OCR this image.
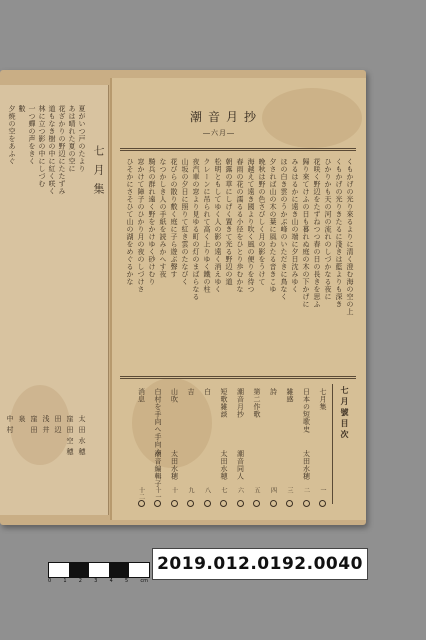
七月集
夏がいつ戸のたより
あは晴れた夏の空に
花ざかりの野辺にたたずみ
道もなき樹の中に紅く咲く
林に立つ影の中にしづむ
一つ蟬の声をきく
數
夕焼の空をあふぐ
太田水穂
窪田空穂
田辺
浅井
窪田
泉
中村
潮音月抄
―六月―
くもかげの光り來るよりに清く澄む海の空の上
くもかげの光りきたるに淺きは藍よりも深き
ひかりかも天の河の流れのしづかなる夜に
花咲く野辺をたずねつつ春の日の長きを思ふ
歸り來てけふの日も暮れぬ庭の木の下かげに
みるはるかに遠き山の端に夕日沈みゆく
ほの白き雲のうかぶ峰のいただきに鳥なく
夕されば山の木の葉に風わたる音きこゆ
晩秋は野の色さびしく月の影をうけて
海越えて遠き國より吹く風の便りを待つ
春雨の花の濡るる小径をひとり歩むかな
朝露の草にしげく置きて光る野辺の道
松明ともしてゆく人の影の遠く消えゆく
クレーンに吊られて高く上りゆく鐵の柱
夜汽車の窓より見ゆる町の灯のまばらなる
山坂の夕日に照りて紅き雲のたなびく
花びらの散り敷く庭に子ら遊ぶ聲す
なつかしき人の手紙を読みかへす夜
騎兵の群れ遠く野をかけゆく砂けむり
窓かけて障子のひかり月の夜のしづけさ
ひそかにさそひて山の湖をめぐるかな
七月號目次
七月集
一
日本の短歌史
太田水穂
二
雑感
三
詩
四
第二作歌
五
潮音月抄
潮音同人
六
短歌雑談
太田水穂
七
白
八
吉
九
山吹
太田水穂
十
白村を手向へ手向ふ
潮音編輯子
十一
消息
十二
0 1 2 3 4 5 cm
2019.012.0192.0040
